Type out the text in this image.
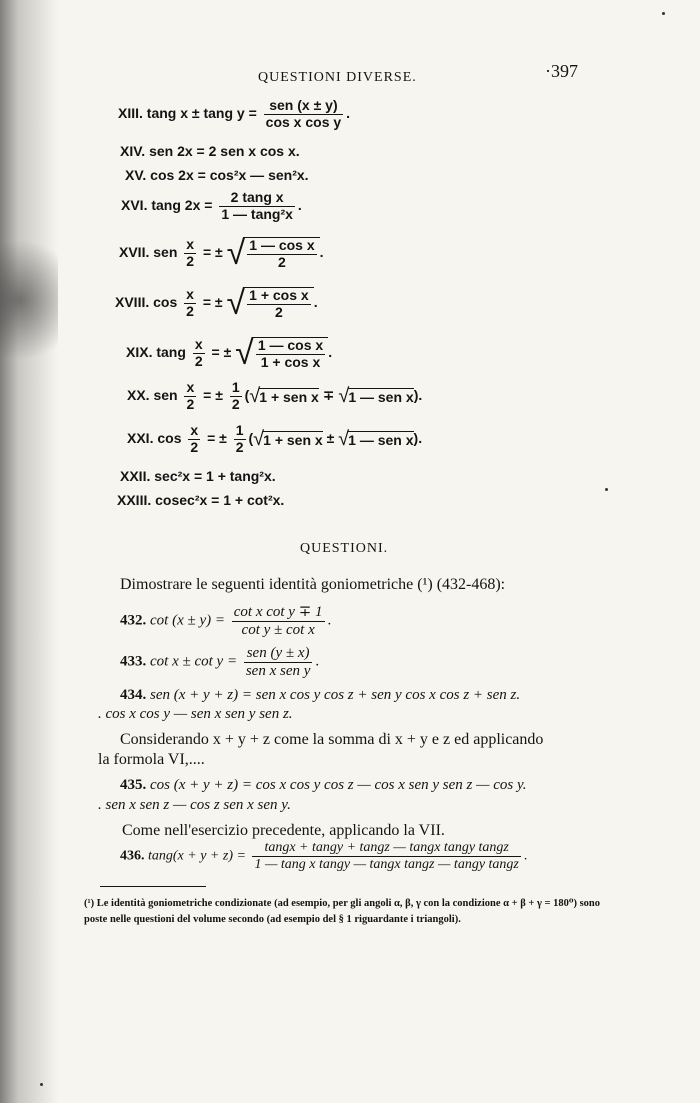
QUESTIONI DIVERSE.	·397
XIII. tang x ± tang $y = \frac{\text{sen (x ± y)}}{\text{cos x cos y}}$ .
XIV. sen 2x = 2 sen x cos x.
XV. cos 2x = cos²x — sen²x.
XVI. tang $2x = \frac{\text{2 tang x}}{\text{1 — tang²x}}$ .
XVII. sen $\frac{x}{2}$ = ± √ $\frac{\text{1 — cos x}}{2}$ .
XVIII. $\cos \frac{x}{2}$ = ± √ $\frac{\text{1 + cos x}}{2}$ .
XIX. tang $\frac{x}{2}$ = ± √ $\frac{\text{1 — cos x}}{\text{1 + cos x}}$ .
XX. sen $\frac{x}{2}$ = ± $\frac{1}{2} (√1$ + sen x ∓ √1 — sen x).
XXI. $\cos \frac{x}{2}$ = ± $\frac{1}{2} (√1$ + sen x ± √1 — sen x).
XXII. sec²x = 1 + tang²x.
XXIII. cosec²x = 1 + cot²x.
QUESTIONI.
Dimostrare le seguenti identità goniometriche (¹) (432-468):
432. $\cot (x \pm y) = \frac{\text{cot x cot y ∓ 1}}{\text{cot y ± cot x}}$ .
433. $\cot x \pm \cot y = \frac{\text{sen (y ± x)}}{\text{sen x sen y}}$ .
434. sen (x + y + z) = sen x cos y cos z + sen y cos x cos z + sen z.
. cos x cos y — sen x sen y sen z.
Considerando x + y + z come la somma di x + y e z ed applicando
la formola VI,....
435. cos (x + y + z) = cos x cos y cos z — cos x sen y sen z — cos y.
. sen x sen z — cos z sen x sen y.
Come nell'esercizio precedente, applicando la VII.
436. $\tan g(x + y + z) = \frac{\text{tangx + tangy + tangz — tangx tangy tangz}}{\text{1 — tang x tangy — tangx tangz — tangy tangz}}$ .
(¹) Le identità goniometriche condizionate (ad esempio, per gli angoli α, β, γ con la condizione α + β + γ = 180⁰) sono poste nelle questioni del volume secondo (ad esempio del § 1 riguardante i triangoli).
